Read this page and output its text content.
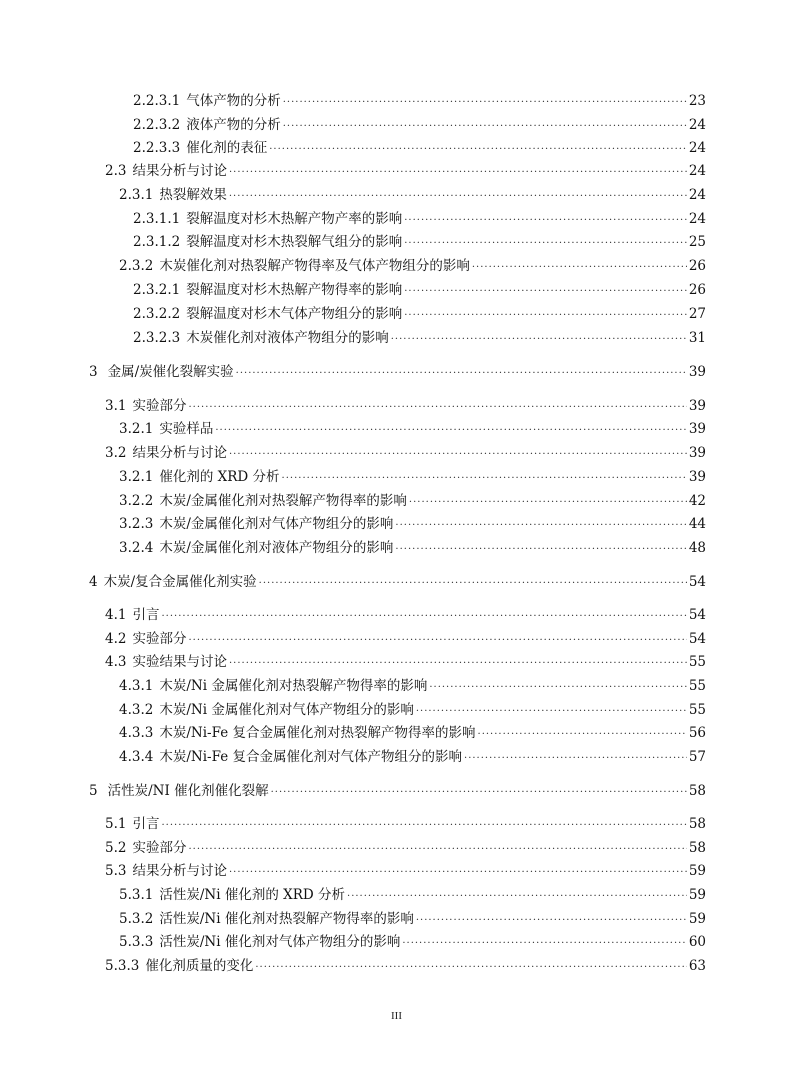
2.2.3.1 气体产物的分析 ·····	23
2.2.3.2 液体产物的分析 ·····	24
2.2.3.3 催化剂的表征 ·····	24
2.3 结果分析与讨论 ·····	24
2.3.1 热裂解效果 ·····	24
2.3.1.1 裂解温度对杉木热解产物产率的影响 ·····	24
2.3.1.2 裂解温度对杉木热裂解气组分的影响 ·····	25
2.3.2 木炭催化剂对热裂解产物得率及气体产物组分的影响 ·····	26
2.3.2.1 裂解温度对杉木热解产物得率的影响 ·····	26
2.3.2.2 裂解温度对杉木气体产物组分的影响 ·····	27
2.3.2.3 木炭催化剂对液体产物组分的影响 ·····	31
3 金属/炭催化裂解实验 ·····	39
3.1 实验部分 ·····	39
3.2.1 实验样品 ·····	39
3.2 结果分析与讨论 ·····	39
3.2.1 催化剂的 XRD 分析 ·····	39
3.2.2 木炭/金属催化剂对热裂解产物得率的影响 ·····	42
3.2.3 木炭/金属催化剂对气体产物组分的影响 ·····	44
3.2.4 木炭/金属催化剂对液体产物组分的影响 ·····	48
4 木炭/复合金属催化剂实验 ·····	54
4.1 引言 ·····	54
4.2 实验部分 ·····	54
4.3 实验结果与讨论 ·····	55
4.3.1 木炭/Ni 金属催化剂对热裂解产物得率的影响 ·····	55
4.3.2 木炭/Ni 金属催化剂对气体产物组分的影响 ·····	55
4.3.3 木炭/Ni-Fe 复合金属催化剂对热裂解产物得率的影响 ·····	56
4.3.4 木炭/Ni-Fe 复合金属催化剂对气体产物组分的影响 ·····	57
5 活性炭/NI 催化剂催化裂解 ·····	58
5.1 引言 ·····	58
5.2 实验部分 ·····	58
5.3 结果分析与讨论 ·····	59
5.3.1 活性炭/Ni 催化剂的 XRD 分析 ·····	59
5.3.2 活性炭/Ni 催化剂对热裂解产物得率的影响 ·····	59
5.3.3 活性炭/Ni 催化剂对气体产物组分的影响 ·····	60
5.3.3 催化剂质量的变化 ·····	63
III
